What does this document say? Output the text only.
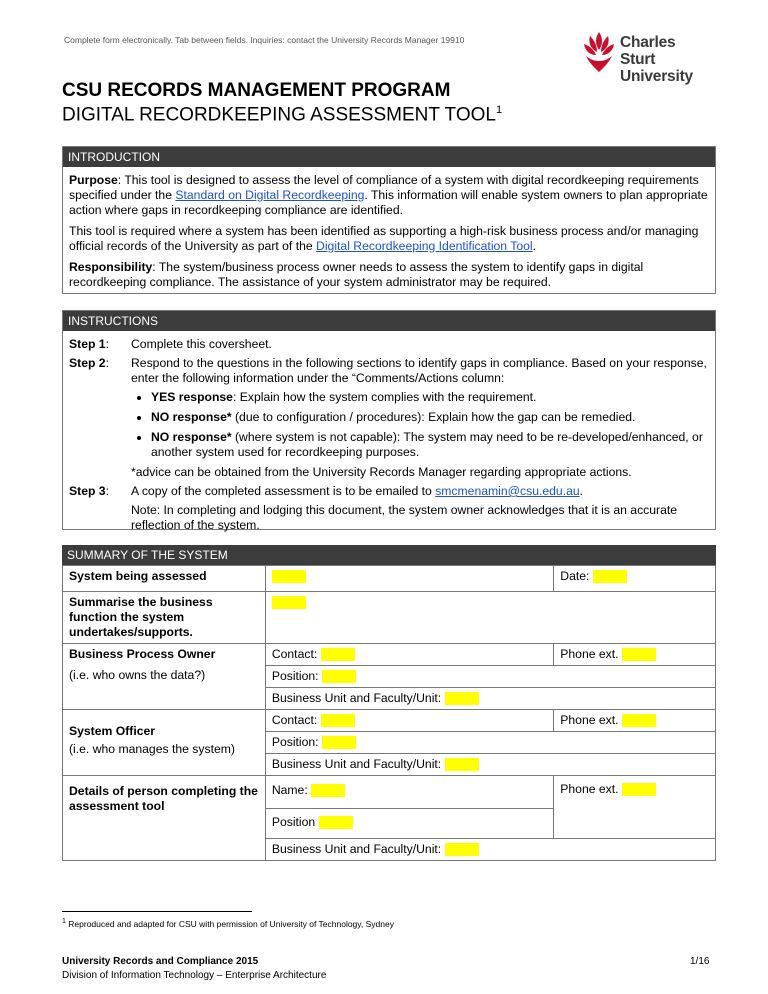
Complete form electronically. Tab between fields. Inquiries: contact the University Records Manager 19910	Charles Sturt
University
CSU RECORDS MANAGEMENT PROGRAM
DIGITAL RECORDKEEPING ASSESSMENT TOOL$^1$
INTRODUCTION

Purpose: This tool is designed to assess the level of compliance of a system with digital recordkeeping requirements specified under the Standard on Digital Recordkeeping. This information will enable system owners to plan appropriate action where gaps in recordkeeping compliance are identified.

This tool is required where a system has been identified as supporting a high-risk business process and/or managing official records of the University as part of the Digital Recordkeeping Identification Tool.

Responsibility: The system/business process owner needs to assess the system to identify gaps in digital recordkeeping compliance. The assistance of your system administrator may be required.

INSTRUCTIONS
Step 1:	Complete this coversheet.
Step 2:	Respond to the questions in the following sections to identify gaps in compliance. Based on your response, enter the following information under the “Comments/Actions column:
• YES response: Explain how the system complies with the requirement.
• NO response* (due to configuration / procedures): Explain how the gap can be remedied.
• NO response* (where system is not capable): The system may need to be re-developed/enhanced, or another system used for recordkeeping purposes.
*advice can be obtained from the University Records Manager regarding appropriate actions.
Step 3:	A copy of the completed assessment is to be emailed to smcmenamin@csu.edu.au.
Note: In completing and lodging this document, the system owner acknowledges that it is an accurate reflection of the system.
SUMMARY OF THE SYSTEM
System being assessed		Date:
Summarise the business function the system undertakes/supports.		

Business Process Owner
(i.e. who owns the data?)	Contact:	Phone ext.
	Position:	
	Business Unit and Faculty/Unit:	

System Officer
(i.e. who manages the system)	Contact:	Phone ext.
	Position:	
	Business Unit and Faculty/Unit:	
Details of person completing the assessment tool	Name:	Phone ext.
	Position	
	Business Unit and Faculty/Unit:	
$^1$ Reproduced and adapted for CSU with permission of University of Technology, Sydney
University Records and Compliance 2015
Division of Information Technology – Enterprise Architecture
1/16
